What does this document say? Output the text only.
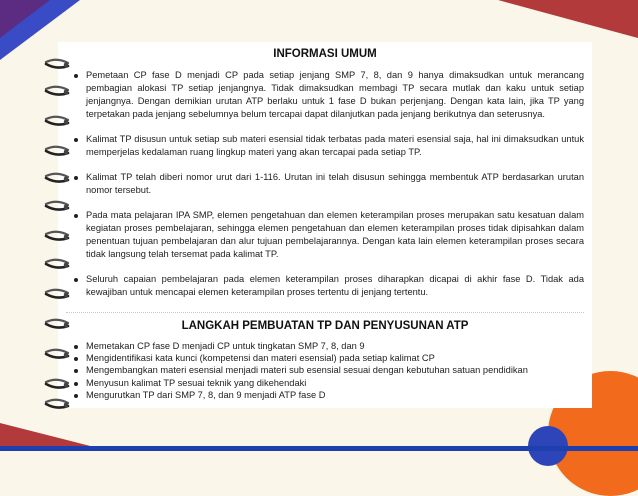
INFORMASI UMUM
Pemetaan CP fase D menjadi CP pada setiap jenjang SMP 7, 8, dan 9 hanya dimaksudkan untuk merancang pembagian alokasi TP setiap jenjangnya. Tidak dimaksudkan membagi TP secara mutlak dan kaku untuk setiap jenjangnya. Dengan demikian urutan ATP berlaku untuk 1 fase D bukan perjenjang. Dengan kata lain, jika TP yang terpetakan pada jenjang sebelumnya belum tercapai dapat dilanjutkan pada jenjang berikutnya dan seterusnya.
Kalimat TP disusun untuk setiap sub materi esensial tidak terbatas pada materi esensial saja, hal ini dimaksudkan untuk memperjelas kedalaman ruang lingkup materi yang akan tercapai pada setiap TP.
Kalimat TP telah diberi nomor urut dari 1-116. Urutan ini telah disusun sehingga membentuk ATP berdasarkan urutan nomor tersebut.
Pada mata pelajaran IPA SMP, elemen pengetahuan dan elemen keterampilan proses merupakan satu kesatuan dalam kegiatan proses pembelajaran, sehingga elemen pengetahuan dan elemen keterampilan proses tidak dipisahkan dalam penentuan tujuan pembelajaran dan alur tujuan pembelajarannya. Dengan kata lain elemen keterampilan proses secara tidak langsung telah tersemat pada kalimat TP.
Seluruh capaian pembelajaran pada elemen keterampilan proses diharapkan dicapai di akhir fase D. Tidak ada kewajiban untuk mencapai elemen keterampilan proses tertentu di jenjang tertentu.
LANGKAH PEMBUATAN TP DAN PENYUSUNAN ATP
Memetakan CP fase D menjadi CP untuk tingkatan SMP 7, 8, dan 9
Mengidentifikasi kata kunci (kompetensi dan materi esensial) pada setiap kalimat CP
Mengembangkan materi esensial menjadi materi sub esensial sesuai dengan kebutuhan satuan pendidikan
Menyusun kalimat TP sesuai teknik yang dikehendaki
Mengurutkan TP dari SMP 7, 8, dan 9 menjadi ATP fase D
